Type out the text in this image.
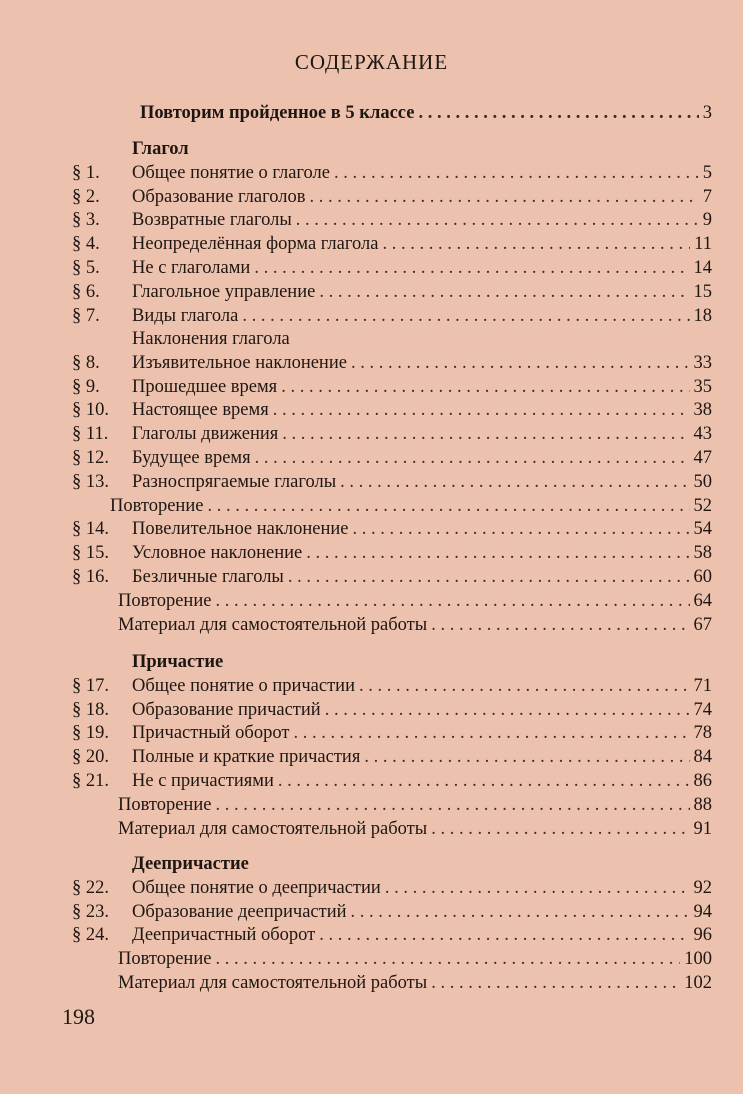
СОДЕРЖАНИЕ
Повторим пройденное в 5 классе . . .	3
Глагол
§ 1.	Общее понятие о глаголе . . .	5
§ 2.	Образование глаголов . . .	7
§ 3.	Возвратные глаголы . . .	9
§ 4.	Неопределённая форма глагола . . .	11
§ 5.	Не с глаголами . . .	14
§ 6.	Глагольное управление . . .	15
§ 7.	Виды глагола . . .	18
Наклонения глагола
§ 8.	Изъявительное наклонение . . .	33
§ 9.	Прошедшее время . . .	35
§ 10.	Настоящее время . . .	38
§ 11.	Глаголы движения . . .	43
§ 12.	Будущее время . . .	47
§ 13.	Разноспрягаемые глаголы . . .	50
Повторение . . .	52
§ 14.	Повелительное наклонение . . .	54
§ 15.	Условное наклонение . . .	58
§ 16.	Безличные глаголы . . .	60
Повторение . . .	64
Материал для самостоятельной работы . . .	67
Причастие
§ 17.	Общее понятие о причастии . . .	71
§ 18.	Образование причастий . . .	74
§ 19.	Причастный оборот . . .	78
§ 20.	Полные и краткие причастия . . .	84
§ 21.	Не с причастиями . . .	86
Повторение . . .	88
Материал для самостоятельной работы . . .	91
Деепричастие
§ 22.	Общее понятие о деепричастии . . .	92
§ 23.	Образование деепричастий . . .	94
§ 24.	Деепричастный оборот . . .	96
Повторение . . .	100
Материал для самостоятельной работы . . .	102
198
